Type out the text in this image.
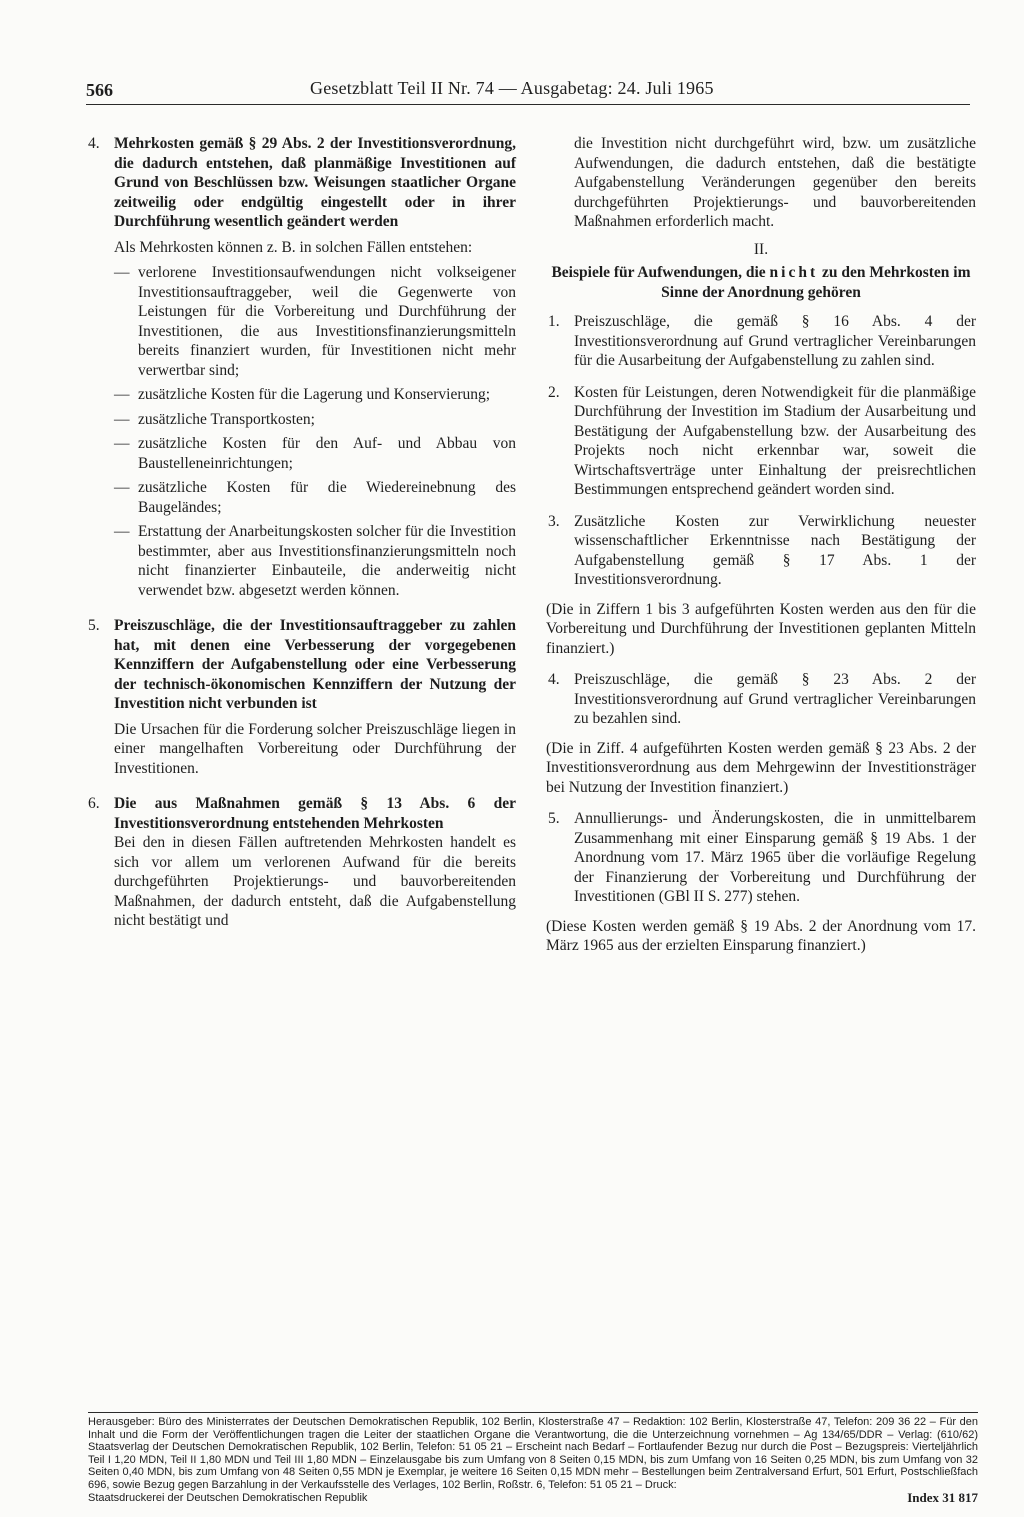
566	Gesetzblatt Teil II Nr. 74 — Ausgabetag: 24. Juli 1965
4. Mehrkosten gemäß § 29 Abs. 2 der Investitionsverordnung, die dadurch entstehen, daß planmäßige Investitionen auf Grund von Beschlüssen bzw. Weisungen staatlicher Organe zeitweilig oder endgültig eingestellt oder in ihrer Durchführung wesentlich geändert werden

Als Mehrkosten können z. B. in solchen Fällen entstehen:

— verlorene Investitionsaufwendungen nicht volkseigener Investitionsauftraggeber, weil die Gegenwerte von Leistungen für die Vorbereitung und Durchführung der Investitionen, die aus Investitionsfinanzierungsmitteln bereits finanziert wurden, für Investitionen nicht mehr verwertbar sind;
— zusätzliche Kosten für die Lagerung und Konservierung;
— zusätzliche Transportkosten;
— zusätzliche Kosten für den Auf- und Abbau von Baustelleneinrichtungen;
— zusätzliche Kosten für die Wiedereinebnung des Baugeländes;
— Erstattung der Anarbeitungskosten solcher für die Investition bestimmter, aber aus Investitionsfinanzierungsmitteln noch nicht finanzierter Einbauteile, die anderweitig nicht verwendet bzw. abgesetzt werden können.
5. Preiszuschläge, die der Investitionsauftraggeber zu zahlen hat, mit denen eine Verbesserung der vorgegebenen Kennziffern der Aufgabenstellung oder eine Verbesserung der technisch-ökonomischen Kennziffern der Nutzung der Investition nicht verbunden ist

Die Ursachen für die Forderung solcher Preiszuschläge liegen in einer mangelhaften Vorbereitung oder Durchführung der Investitionen.

6. Die aus Maßnahmen gemäß § 13 Abs. 6 der Investitionsverordnung entstehenden Mehrkosten

Bei den in diesen Fällen auftretenden Mehrkosten handelt es sich vor allem um verlorenen Aufwand für die bereits durchgeführten Projektierungs- und bauvorbereitenden Maßnahmen, der dadurch entsteht, daß die Aufgabenstellung nicht bestätigt und

die Investition nicht durchgeführt wird, bzw. um zusätzliche Aufwendungen, die dadurch entstehen, daß die bestätigte Aufgabenstellung Veränderungen gegenüber den bereits durchgeführten Projektierungs- und bauvorbereitenden Maßnahmen erforderlich macht.

II.

Beispiele für Aufwendungen, die nicht zu den Mehrkosten im Sinne der Anordnung gehören

1. Preiszuschläge, die gemäß § 16 Abs. 4 der Investitionsverordnung auf Grund vertraglicher Vereinbarungen für die Ausarbeitung der Aufgabenstellung zu zahlen sind.

2. Kosten für Leistungen, deren Notwendigkeit für die planmäßige Durchführung der Investition im Stadium der Ausarbeitung und Bestätigung der Aufgabenstellung bzw. der Ausarbeitung des Projekts noch nicht erkennbar war, soweit die Wirtschaftsverträge unter Einhaltung der preisrechtlichen Bestimmungen entsprechend geändert worden sind.

3. Zusätzliche Kosten zur Verwirklichung neuester wissenschaftlicher Erkenntnisse nach Bestätigung der Aufgabenstellung gemäß § 17 Abs. 1 der Investitionsverordnung.

(Die in Ziffern 1 bis 3 aufgeführten Kosten werden aus den für die Vorbereitung und Durchführung der Investitionen geplanten Mitteln finanziert.)

4. Preiszuschläge, die gemäß § 23 Abs. 2 der Investitionsverordnung auf Grund vertraglicher Vereinbarungen zu bezahlen sind.

(Die in Ziff. 4 aufgeführten Kosten werden gemäß § 23 Abs. 2 der Investitionsverordnung aus dem Mehrgewinn der Investitionsträger bei Nutzung der Investition finanziert.)

5. Annullierungs- und Änderungskosten, die in unmittelbarem Zusammenhang mit einer Einsparung gemäß § 19 Abs. 1 der Anordnung vom 17. März 1965 über die vorläufige Regelung der Finanzierung der Vorbereitung und Durchführung der Investitionen (GBl II S. 277) stehen.

(Diese Kosten werden gemäß § 19 Abs. 2 der Anordnung vom 17. März 1965 aus der erzielten Einsparung finanziert.)

Herausgeber: Büro des Ministerrates der Deutschen Demokratischen Republik, 102 Berlin, Klosterstraße 47 – Redaktion: 102 Berlin, Klosterstraße 47, Telefon: 209 36 22 – Für den Inhalt und die Form der Veröffentlichungen tragen die Leiter der staatlichen Organe die Verantwortung, die die Unterzeichnung vornehmen – Ag 134/65/DDR – Verlag: (610/62) Staatsverlag der Deutschen Demokratischen Republik, 102 Berlin, Telefon: 51 05 21 – Erscheint nach Bedarf – Fortlaufender Bezug nur durch die Post – Bezugspreis: Vierteljährlich Teil I 1,20 MDN, Teil II 1,80 MDN und Teil III 1,80 MDN – Einzelausgabe bis zum Umfang von 8 Seiten 0,15 MDN, bis zum Umfang von 16 Seiten 0,25 MDN, bis zum Umfang von 32 Seiten 0,40 MDN, bis zum Umfang von 48 Seiten 0,55 MDN je Exemplar, je weitere 16 Seiten 0,15 MDN mehr – Bestellungen beim Zentralversand Erfurt, 501 Erfurt, Postschließfach 696, sowie Bezug gegen Barzahlung in der Verkaufsstelle des Verlages, 102 Berlin, Roßstr. 6, Telefon: 51 05 21 – Druck:
Staatsdruckerei der Deutschen Demokratischen Republik	Index 31 817
